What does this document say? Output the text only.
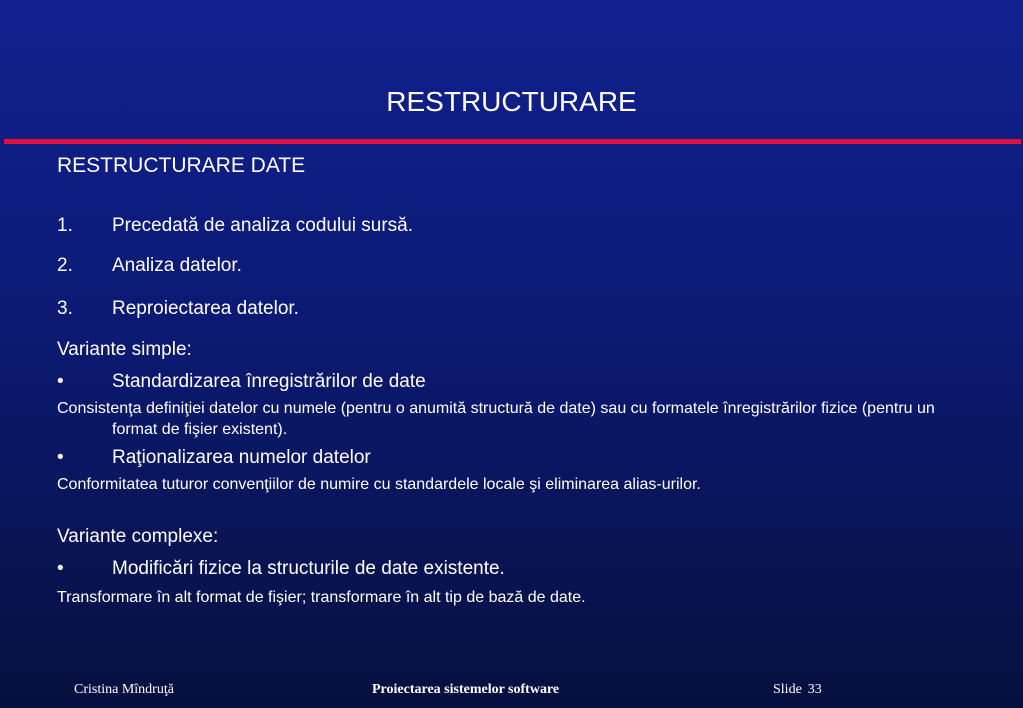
RESTRUCTURARE
RESTRUCTURARE DATE
1.	Precedată de analiza codului sursă.
2.	Analiza datelor.
3.	Reproiectarea datelor.
Variante simple:
•	Standardizarea înregistrărilor de date
Consistenţa definiţiei datelor cu numele (pentru o anumită structură de date) sau cu formatele înregistrărilor fizice (pentru un format de fişier existent).
•	Raţionalizarea numelor datelor
Conformitatea tuturor convenţiilor de numire cu standardele locale şi eliminarea alias-urilor.
Variante complexe:
•	Modificări fizice la structurile de date existente.
Transformare în alt format de fişier; transformare în alt tip de bază de date.
Cristina Mîndruţă	Proiectarea sistemelor software	Slide 33
